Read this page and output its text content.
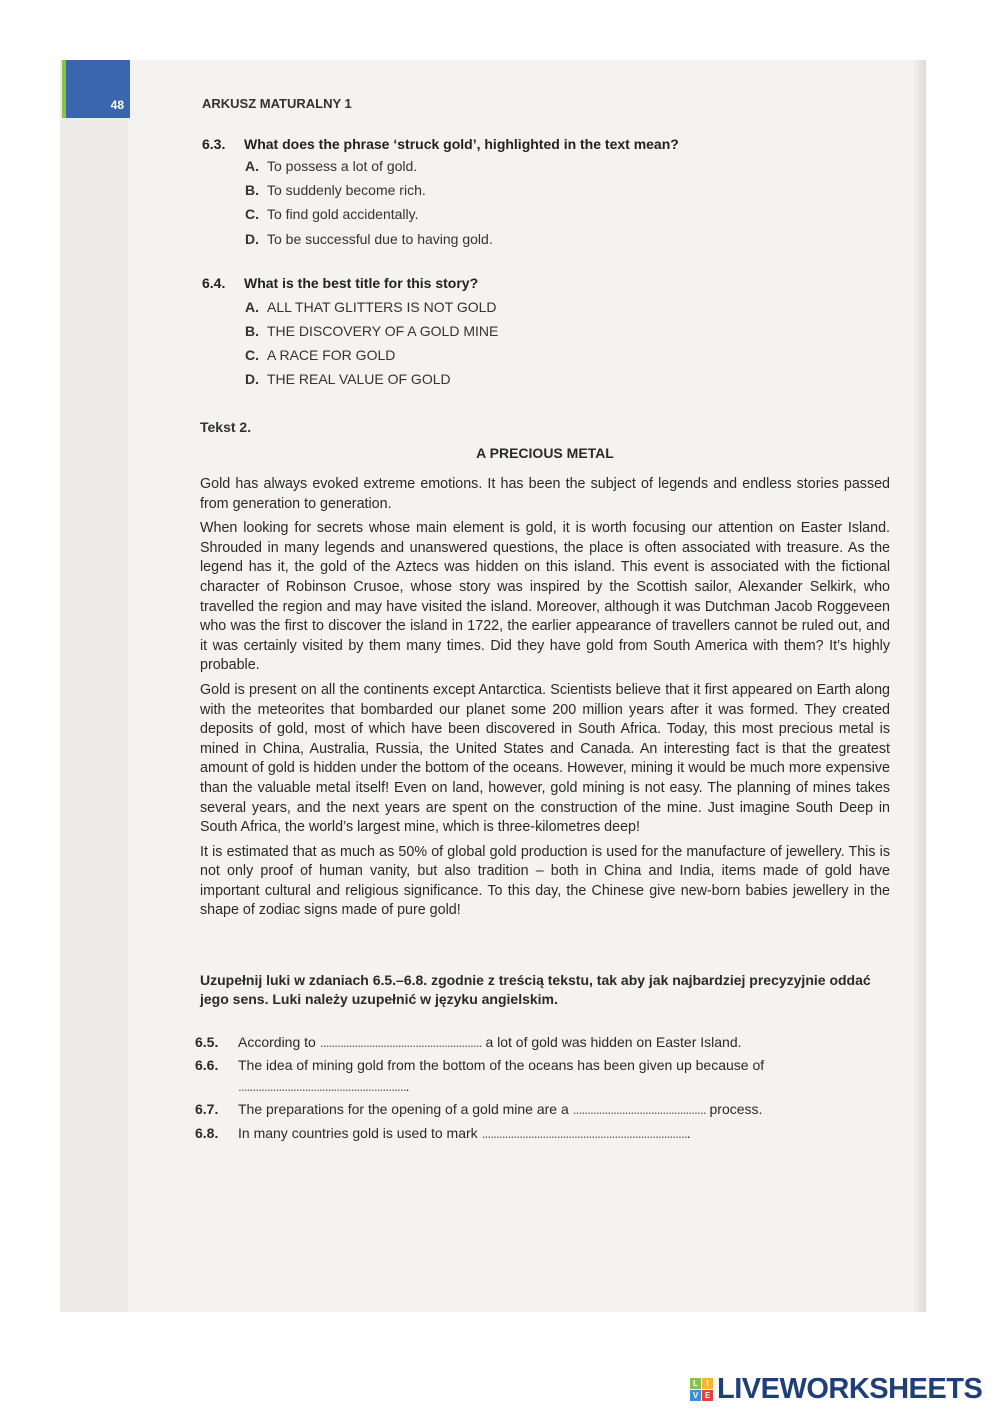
48	ARKUSZ MATURALNY 1
6.3. What does the phrase ‘struck gold’, highlighted in the text mean?
A. To possess a lot of gold.
B. To suddenly become rich.
C. To find gold accidentally.
D. To be successful due to having gold.
6.4. What is the best title for this story?
A. ALL THAT GLITTERS IS NOT GOLD
B. THE DISCOVERY OF A GOLD MINE
C. A RACE FOR GOLD
D. THE REAL VALUE OF GOLD
Tekst 2.
A PRECIOUS METAL

Gold has always evoked extreme emotions. It has been the subject of legends and endless stories passed from generation to generation.

When looking for secrets whose main element is gold, it is worth focusing our attention on Easter Island. Shrouded in many legends and unanswered questions, the place is often associated with treasure. As the legend has it, the gold of the Aztecs was hidden on this island. This event is associated with the fictional character of Robinson Crusoe, whose story was inspired by the Scottish sailor, Alexander Selkirk, who travelled the region and may have visited the island. Moreover, although it was Dutchman Jacob Roggeveen who was the first to discover the island in 1722, the earlier appearance of travellers cannot be ruled out, and it was certainly visited by them many times. Did they have gold from South America with them? It’s highly probable.

Gold is present on all the continents except Antarctica. Scientists believe that it first appeared on Earth along with the meteorites that bombarded our planet some 200 million years after it was formed. They created deposits of gold, most of which have been discovered in South Africa. Today, this most precious metal is mined in China, Australia, Russia, the United States and Canada. An interesting fact is that the greatest amount of gold is hidden under the bottom of the oceans. However, mining it would be much more expensive than the valuable metal itself! Even on land, however, gold mining is not easy. The planning of mines takes several years, and the next years are spent on the construction of the mine. Just imagine South Deep in South Africa, the world’s largest mine, which is three-kilometres deep!

It is estimated that as much as 50% of global gold production is used for the manufacture of jewellery. This is not only proof of human vanity, but also tradition – both in China and India, items made of gold have important cultural and religious significance. To this day, the Chinese give new-born babies jewellery in the shape of zodiac signs made of pure gold!

Uzupełnij luki w zdaniach 6.5.–6.8. zgodnie z treścią tekstu, tak aby jak najbardziej precyzyjnie oddać jego sens. Luki należy uzupełnić w języku angielskim.
6.5. According to ........................................................ a lot of gold was hidden on Easter Island.
6.6. The idea of mining gold from the bottom of the oceans has been given up because of
...........................................................
6.7. The preparations for the opening of a gold mine are a .............................................. process.
6.8. In many countries gold is used to mark ........................................................................
L	I
V E LIVEWORKSHEETS
